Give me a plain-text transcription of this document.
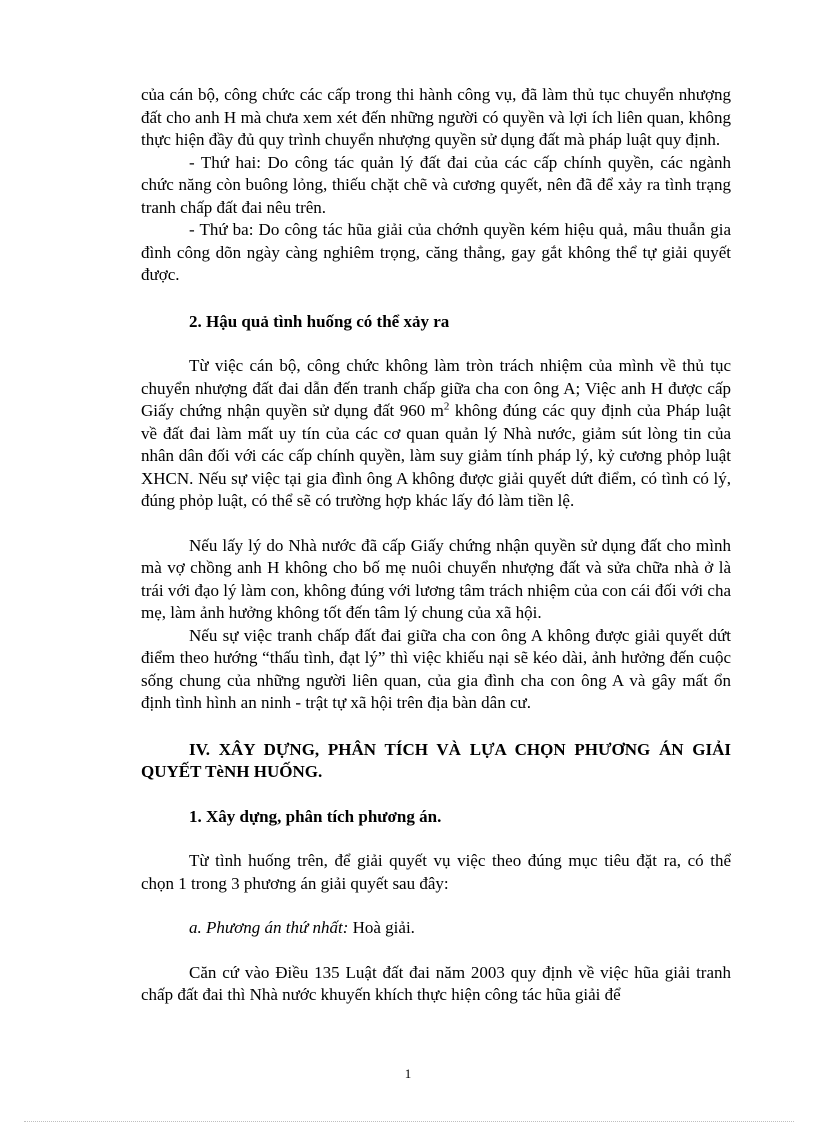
của cán bộ, công chức các cấp trong thi hành công vụ, đã làm thủ tục chuyển nhượng đất cho anh H mà chưa xem xét đến những người có quyền và lợi ích liên quan, không thực hiện đầy đủ quy trình chuyển nhượng quyền sử dụng đất mà pháp luật quy định.

- Thứ hai: Do công tác quản lý đất đai của các cấp chính quyền, các ngành chức năng còn buông lỏng, thiếu chặt chẽ và cương quyết, nên đã để xảy ra tình trạng tranh chấp đất đai nêu trên.

- Thứ ba: Do công tác hũa giải của chớnh quyền kém hiệu quả, mâu thuẫn gia đình công dõn ngày càng nghiêm trọng, căng thẳng, gay gắt không thể tự giải quyết được.

2. Hậu quả tình huống có thể xảy ra

Từ việc cán bộ, công chức không làm tròn trách nhiệm của mình về thủ tục chuyển nhượng đất đai dẫn đến tranh chấp giữa cha con ông A; Việc anh H được cấp Giấy chứng nhận quyền sử dụng đất 960 $m^2$ không đúng các quy định của Pháp luật về đất đai làm mất uy tín của các cơ quan quản lý Nhà nước, giảm sút lòng tin của nhân dân đối với các cấp chính quyền, làm suy giảm tính pháp lý, kỷ cương phỏp luật XHCN. Nếu sự việc tại gia đình ông A không được giải quyết dứt điểm, có tình có lý, đúng phỏp luật, có thể sẽ có trường hợp khác lấy đó làm tiền lệ.

Nếu lấy lý do Nhà nước đã cấp Giấy chứng nhận quyền sử dụng đất cho mình mà vợ chồng anh H không cho bố mẹ nuôi chuyển nhượng đất và sửa chữa nhà ở là trái với đạo lý làm con, không đúng với lương tâm trách nhiệm của con cái đối với cha mẹ, làm ảnh hưởng không tốt đến tâm lý chung của xã hội.

Nếu sự việc tranh chấp đất đai giữa cha con ông A không được giải quyết dứt điểm theo hướng “thấu tình, đạt lý” thì việc khiếu nại sẽ kéo dài, ảnh hưởng đến cuộc sống chung của những người liên quan, của gia đình cha con ông A và gây mất ổn định tình hình an ninh - trật tự xã hội trên địa bàn dân cư.

IV. XÂY DỰNG, PHÂN TÍCH VÀ LỰA CHỌN PHƯƠNG ÁN GIẢI QUYẾT TèNH HUỐNG.

1. Xây dựng, phân tích phương án.

Từ tình huống trên, để giải quyết vụ việc theo đúng mục tiêu đặt ra, có thể chọn 1 trong 3 phương án giải quyết sau đây:

a. Phương án thứ nhất: Hoà giải.

Căn cứ vào Điều 135 Luật đất đai năm 2003 quy định về việc hũa giải tranh chấp đất đai thì Nhà nước khuyến khích thực hiện công tác hũa giải để

1
